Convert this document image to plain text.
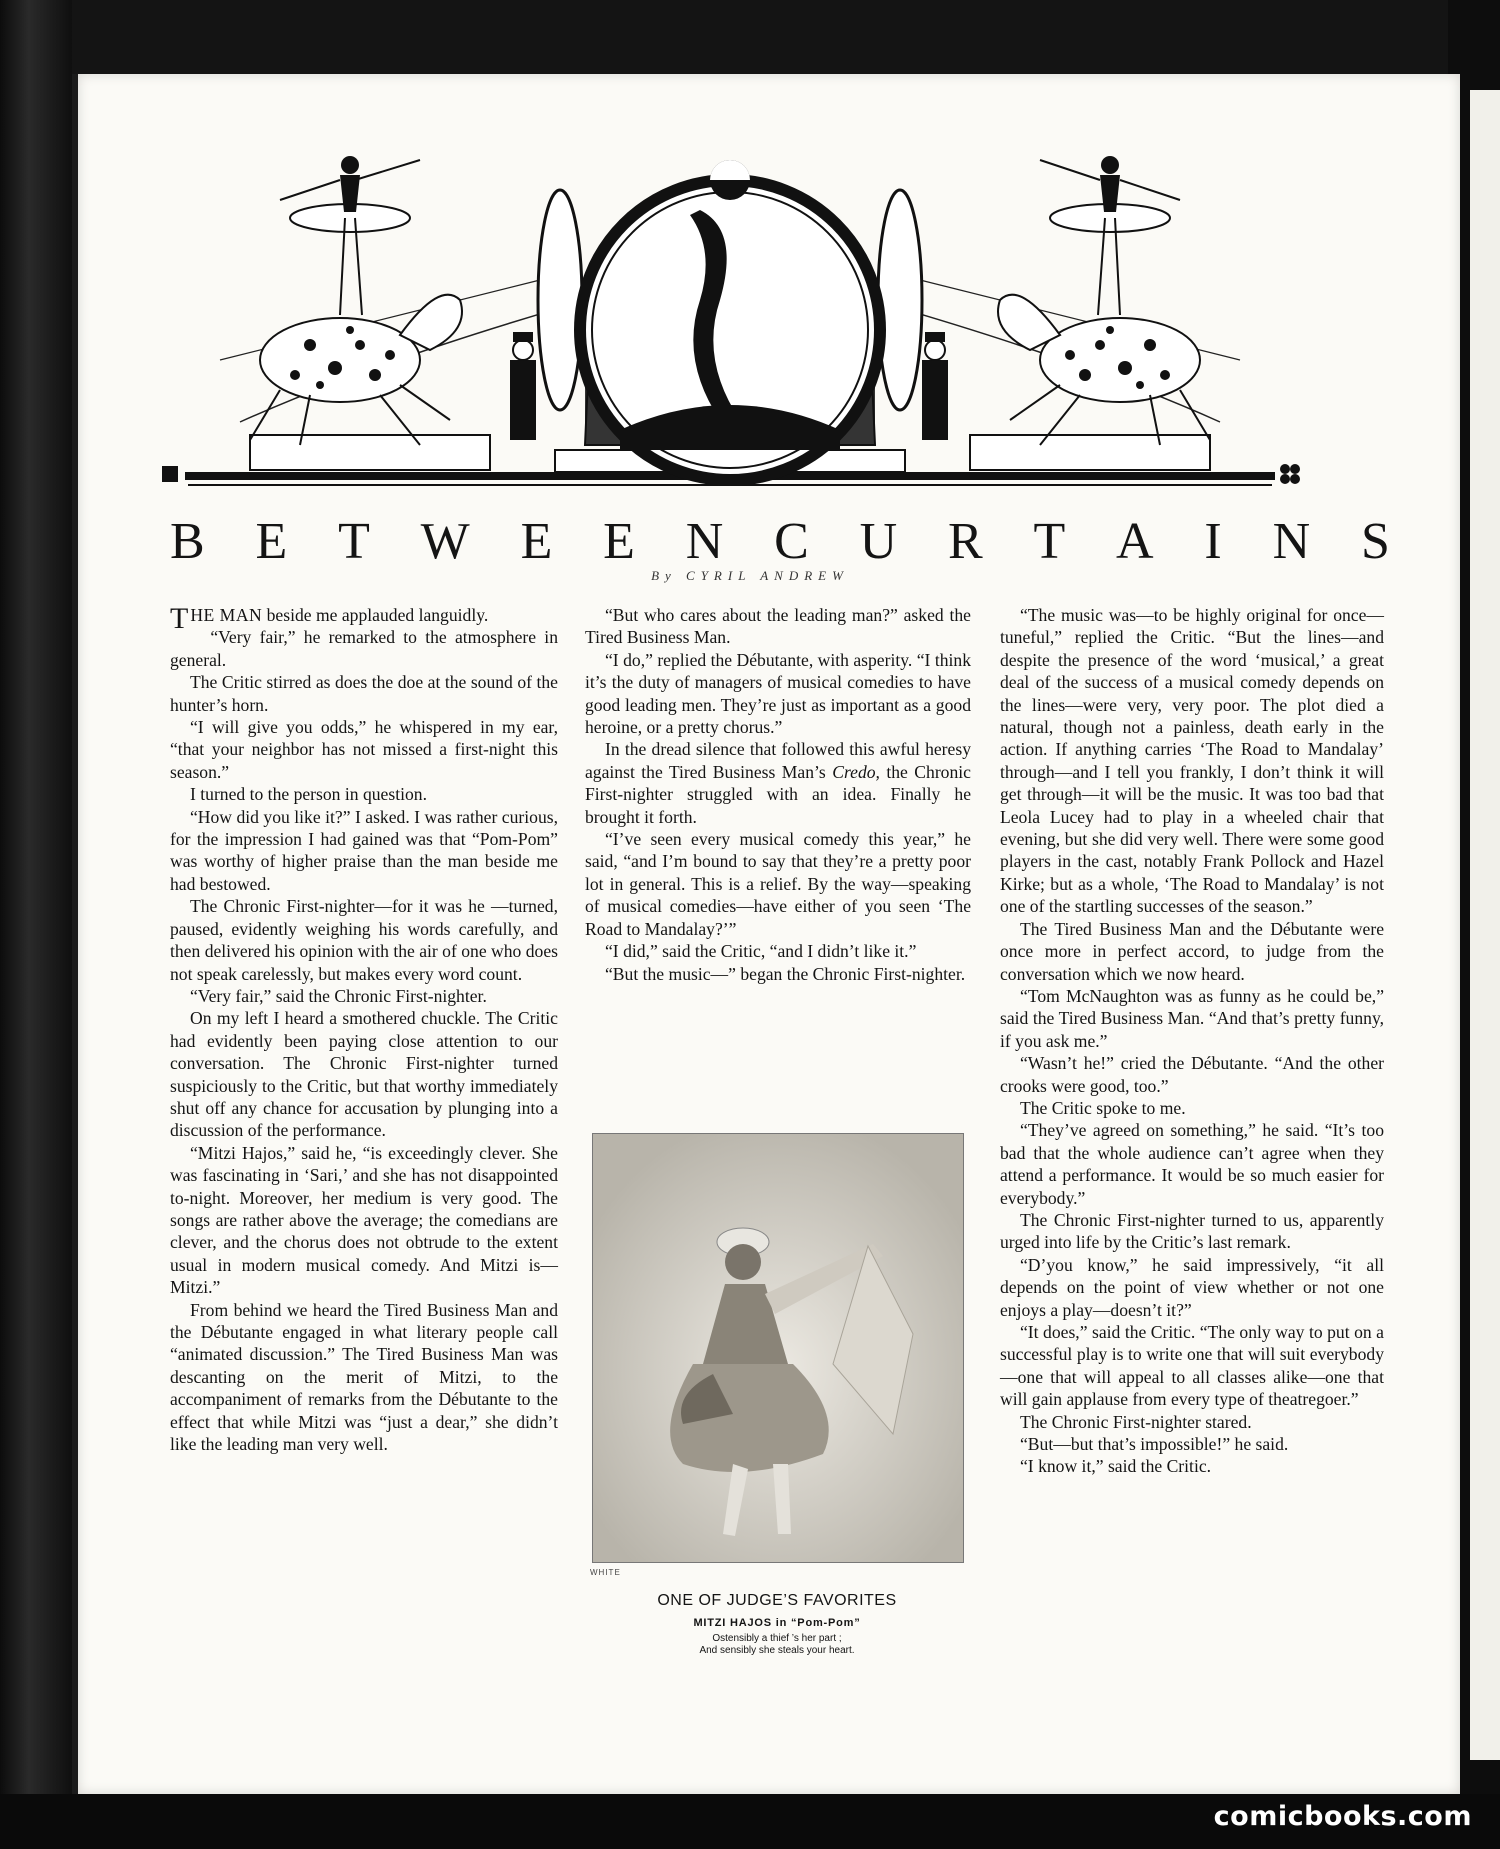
B E T W E E N C U R T A I N S
By CYRIL ANDREW

THE MAN beside me applauded languidly.

“Very fair,” he remarked to the atmosphere in general.

The Critic stirred as does the doe at the sound of the hunter’s horn.

“I will give you odds,” he whispered in my ear, “that your neighbor has not missed a first-night this season.”

I turned to the person in question.

“How did you like it?” I asked. I was rather curious, for the impression I had gained was that “Pom-Pom” was worthy of higher praise than the man beside me had bestowed.

The Chronic First-nighter—for it was he —turned, paused, evidently weighing his words carefully, and then delivered his opinion with the air of one who does not speak carelessly, but makes every word count.

“Very fair,” said the Chronic First-nighter.

On my left I heard a smothered chuckle. The Critic had evidently been paying close attention to our conversation. The Chronic First-nighter turned suspiciously to the Critic, but that worthy immediately shut off any chance for accusation by plunging into a discussion of the performance.

“Mitzi Hajos,” said he, “is exceedingly clever. She was fascinating in ‘Sari,’ and she has not disappointed to-night. Moreover, her medium is very good. The songs are rather above the average; the comedians are clever, and the chorus does not obtrude to the extent usual in modern musical comedy. And Mitzi is—Mitzi.”

From behind we heard the Tired Business Man and the Débutante engaged in what literary people call “animated discussion.” The Tired Business Man was descanting on the merit of Mitzi, to the accompaniment of remarks from the Débutante to the effect that while Mitzi was “just a dear,” she didn’t like the leading man very well.

“But who cares about the leading man?” asked the Tired Business Man.

“I do,” replied the Débutante, with asperity. “I think it’s the duty of managers of musical comedies to have good leading men. They’re just as important as a good heroine, or a pretty chorus.”

In the dread silence that followed this awful heresy against the Tired Business Man’s Credo, the Chronic First-nighter struggled with an idea. Finally he brought it forth.

“I’ve seen every musical comedy this year,” he said, “and I’m bound to say that they’re a pretty poor lot in general. This is a relief. By the way—speaking of musical comedies—have either of you seen ‘The Road to Mandalay?’”

“I did,” said the Critic, “and I didn’t like it.”

“But the music—” began the Chronic First-nighter.

“The music was—to be highly original for once—tuneful,” replied the Critic. “But the lines—and despite the presence of the word ‘musical,’ a great deal of the success of a musical comedy depends on the lines—were very, very poor. The plot died a natural, though not a painless, death early in the action. If anything carries ‘The Road to Mandalay’ through—and I tell you frankly, I don’t think it will get through—it will be the music. It was too bad that Leola Lucey had to play in a wheeled chair that evening, but she did very well. There were some good players in the cast, notably Frank Pollock and Hazel Kirke; but as a whole, ‘The Road to Mandalay’ is not one of the startling successes of the season.”

The Tired Business Man and the Débutante were once more in perfect accord, to judge from the conversation which we now heard.

“Tom McNaughton was as funny as he could be,” said the Tired Business Man. “And that’s pretty funny, if you ask me.”

“Wasn’t he!” cried the Débutante. “And the other crooks were good, too.”

The Critic spoke to me.

“They’ve agreed on something,” he said. “It’s too bad that the whole audience can’t agree when they attend a performance. It would be so much easier for everybody.”

The Chronic First-nighter turned to us, apparently urged into life by the Critic’s last remark.

“D’you know,” he said impressively, “it all depends on the point of view whether or not one enjoys a play—doesn’t it?”

“It does,” said the Critic. “The only way to put on a successful play is to write one that will suit everybody—one that will appeal to all classes alike—one that will gain applause from every type of theatregoer.”

The Chronic First-nighter stared.

“But—but that’s impossible!” he said.

“I know it,” said the Critic.

WHITE
ONE OF JUDGE’S FAVORITES
MITZI HAJOS in “Pom-Pom”
Ostensibly a thief ’s her part ;
And sensibly she steals your heart.
comicbooks.com
